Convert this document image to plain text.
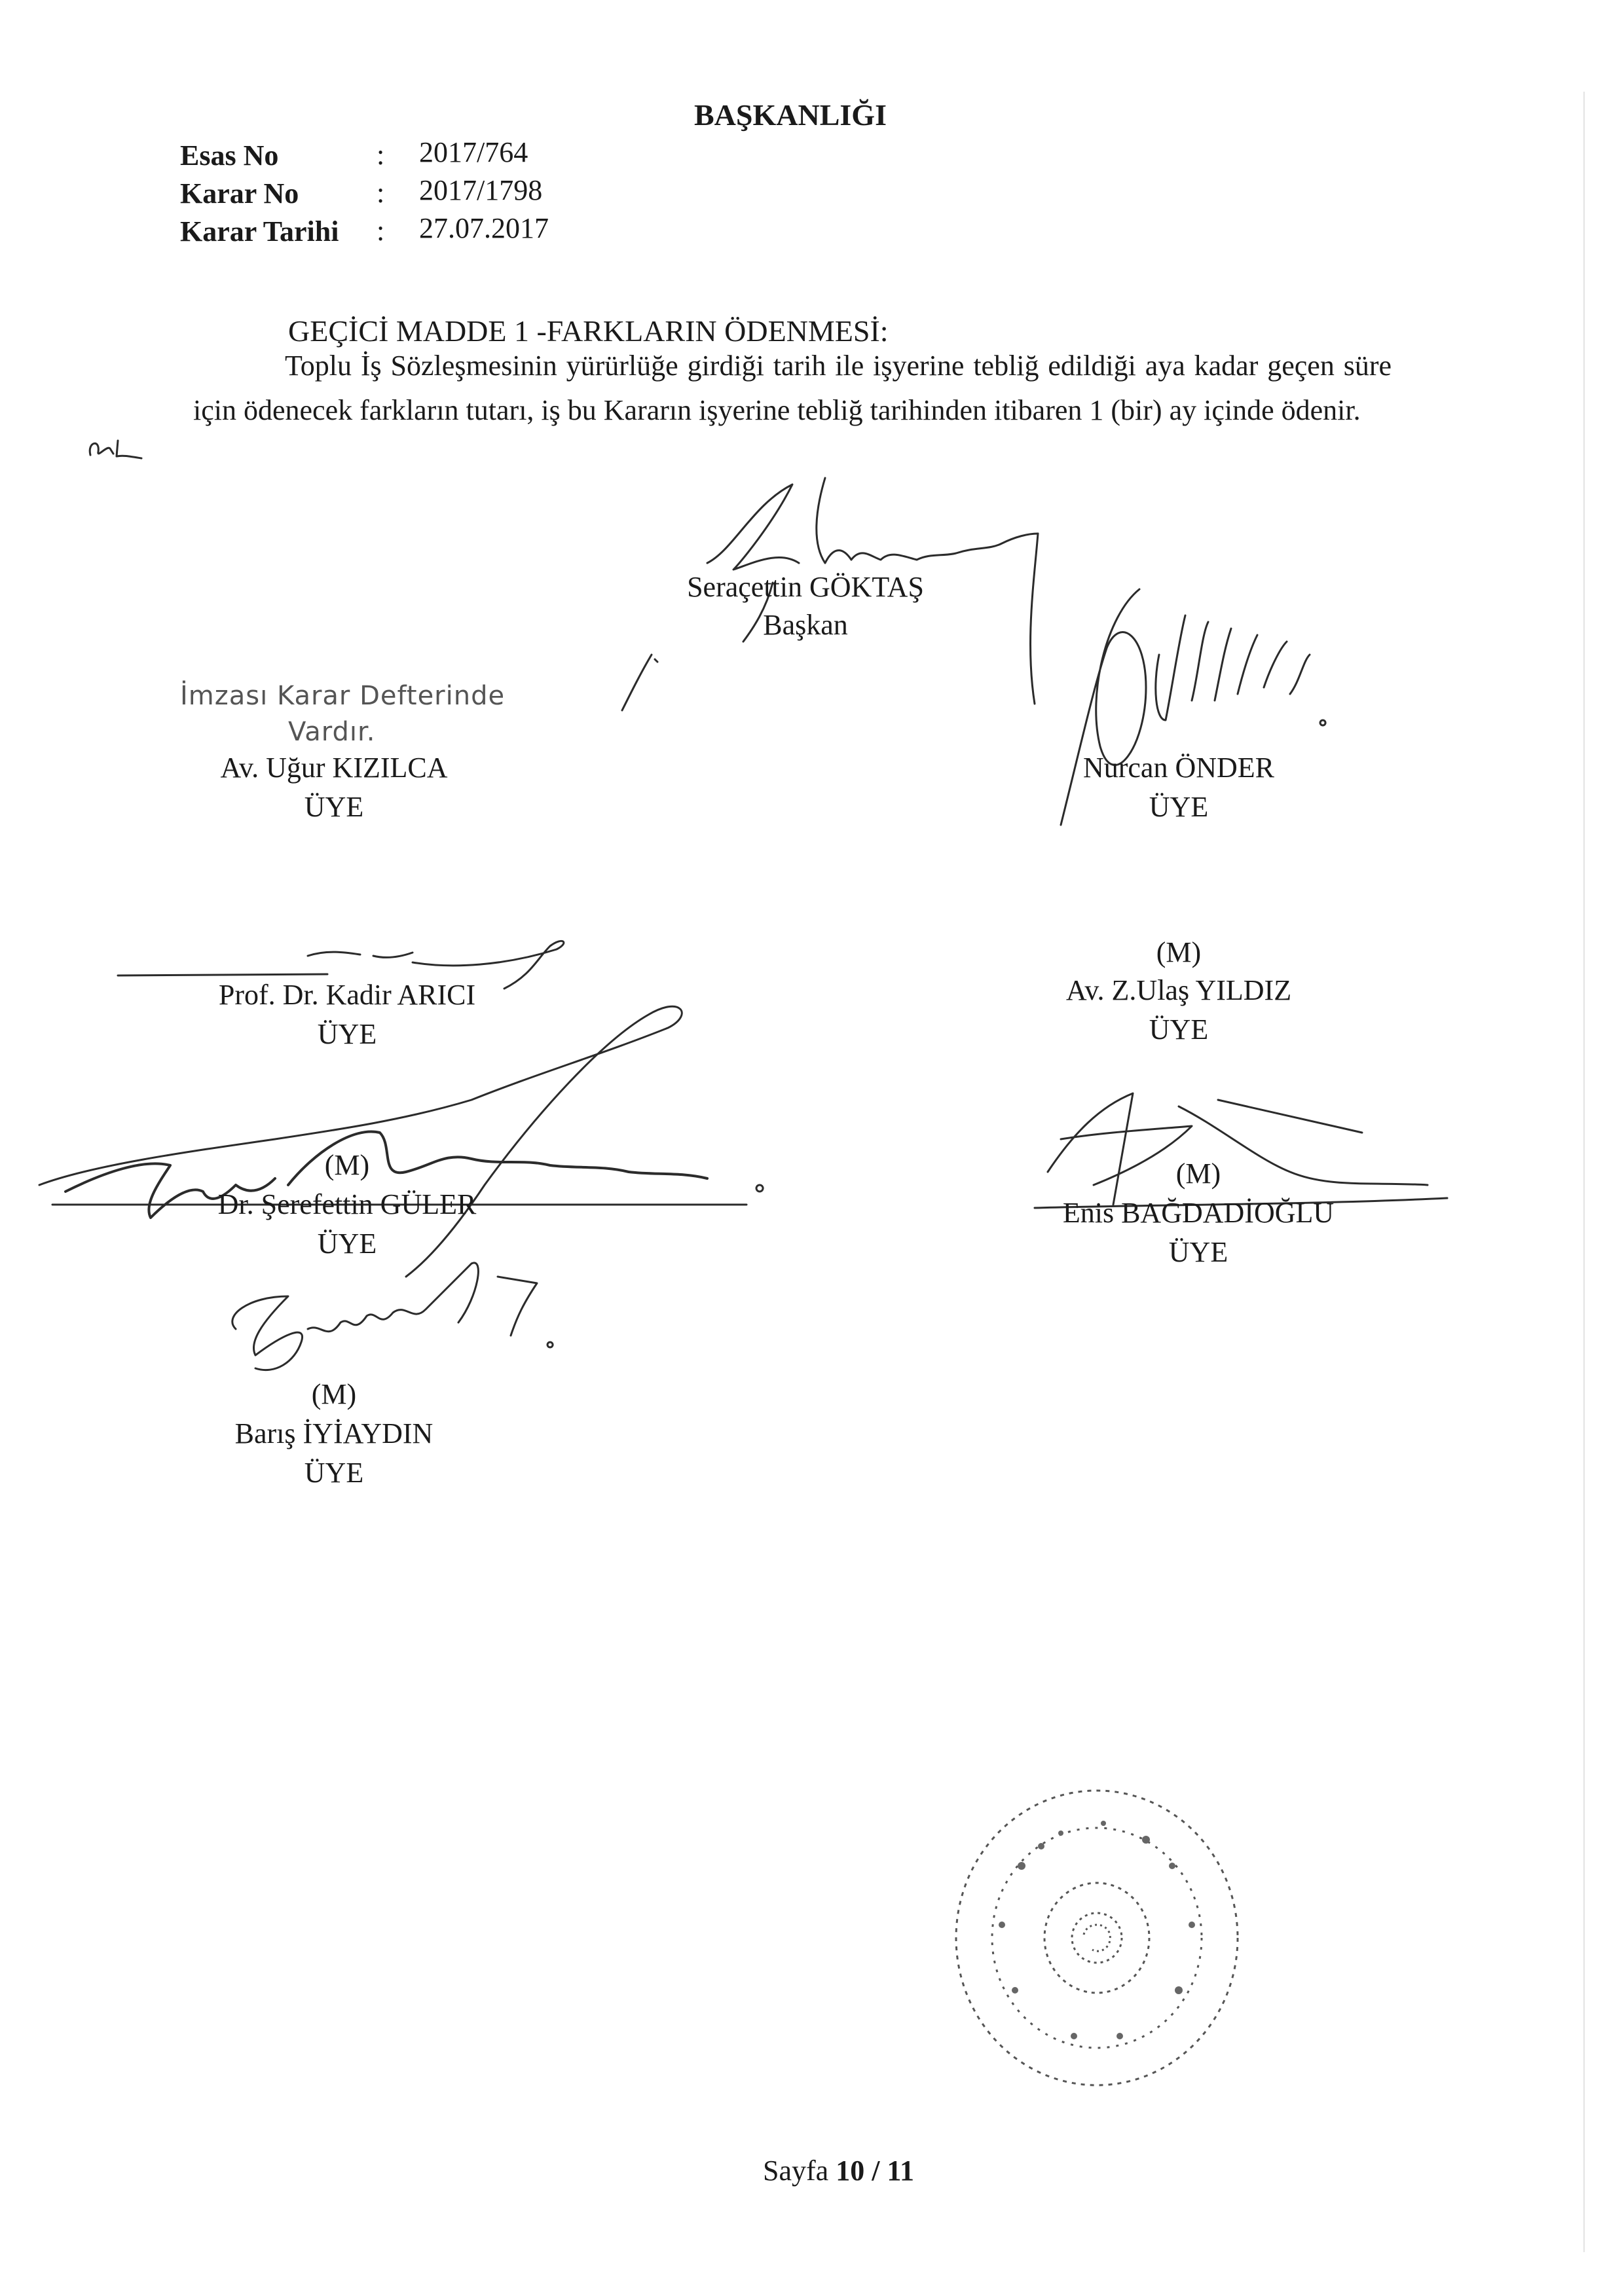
BAŞKANLIĞI
Esas No	: 2017/764
Karar No	: 2017/1798
Karar Tarihi : 27.07.2017
GEÇİCİ MADDE 1 -FARKLARIN ÖDENMESİ:
Toplu İş Sözleşmesinin yürürlüğe girdiği tarih ile işyerine tebliğ edildiği aya kadar geçen süre için ödenecek farkların tutarı, iş bu Kararın işyerine tebliğ tarihinden itibaren 1 (bir) ay içinde ödenir.
Seraçettin GÖKTAŞ
Başkan
İmzası Karar Defterinde
Vardır.
Av. Uğur KIZILCA
ÜYE
Nurcan ÖNDER
ÜYE
Prof. Dr. Kadir ARICI
ÜYE
(M)
Av. Z.Ulaş YILDIZ
ÜYE
(M)
Dr. Şerefettin GÜLER
ÜYE
(M)
Enis BAĞDADİOĞLU
ÜYE
(M)
Barış İYİAYDIN
ÜYE
Sayfa 10 / 11
